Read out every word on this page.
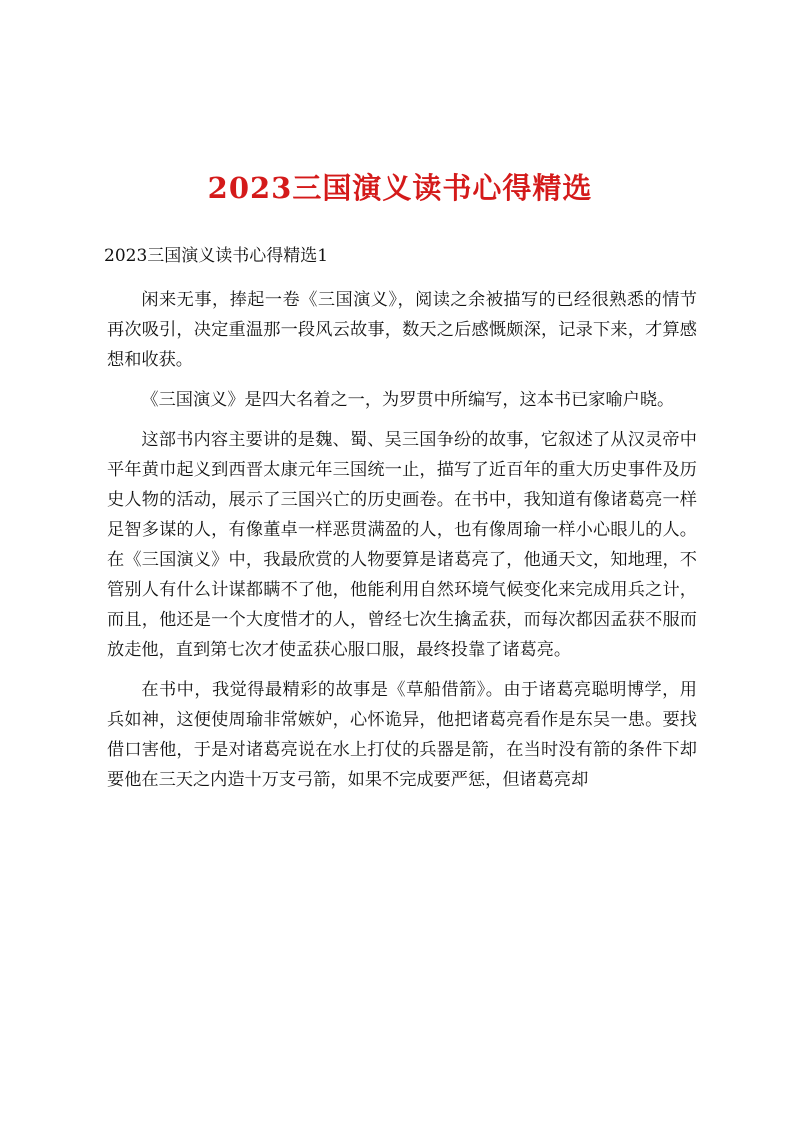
2023三国演义读书心得精选
2023三国演义读书心得精选1

闲来无事，捧起一卷《三国演义》，阅读之余被描写的已经很熟悉的情节再次吸引，决定重温那一段风云故事，数天之后感慨颇深，记录下来，才算感想和收获。

《三国演义》是四大名着之一，为罗贯中所编写，这本书已家喻户晓。

这部书内容主要讲的是魏、蜀、吴三国争纷的故事，它叙述了从汉灵帝中平年黄巾起义到西晋太康元年三国统一止，描写了近百年的重大历史事件及历史人物的活动，展示了三国兴亡的历史画卷。在书中，我知道有像诸葛亮一样足智多谋的人，有像董卓一样恶贯满盈的人，也有像周瑜一样小心眼儿的人。在《三国演义》中，我最欣赏的人物要算是诸葛亮了，他通天文，知地理，不管别人有什么计谋都瞒不了他，他能利用自然环境气候变化来完成用兵之计，而且，他还是一个大度惜才的人，曾经七次生擒孟获，而每次都因孟获不服而放走他，直到第七次才使孟获心服口服，最终投靠了诸葛亮。

在书中，我觉得最精彩的故事是《草船借箭》。由于诸葛亮聪明博学，用兵如神，这便使周瑜非常嫉妒，心怀诡异，他把诸葛亮看作是东吴一患。要找借口害他，于是对诸葛亮说在水上打仗的兵器是箭，在当时没有箭的条件下却要他在三天之内造十万支弓箭，如果不完成要严惩，但诸葛亮却
